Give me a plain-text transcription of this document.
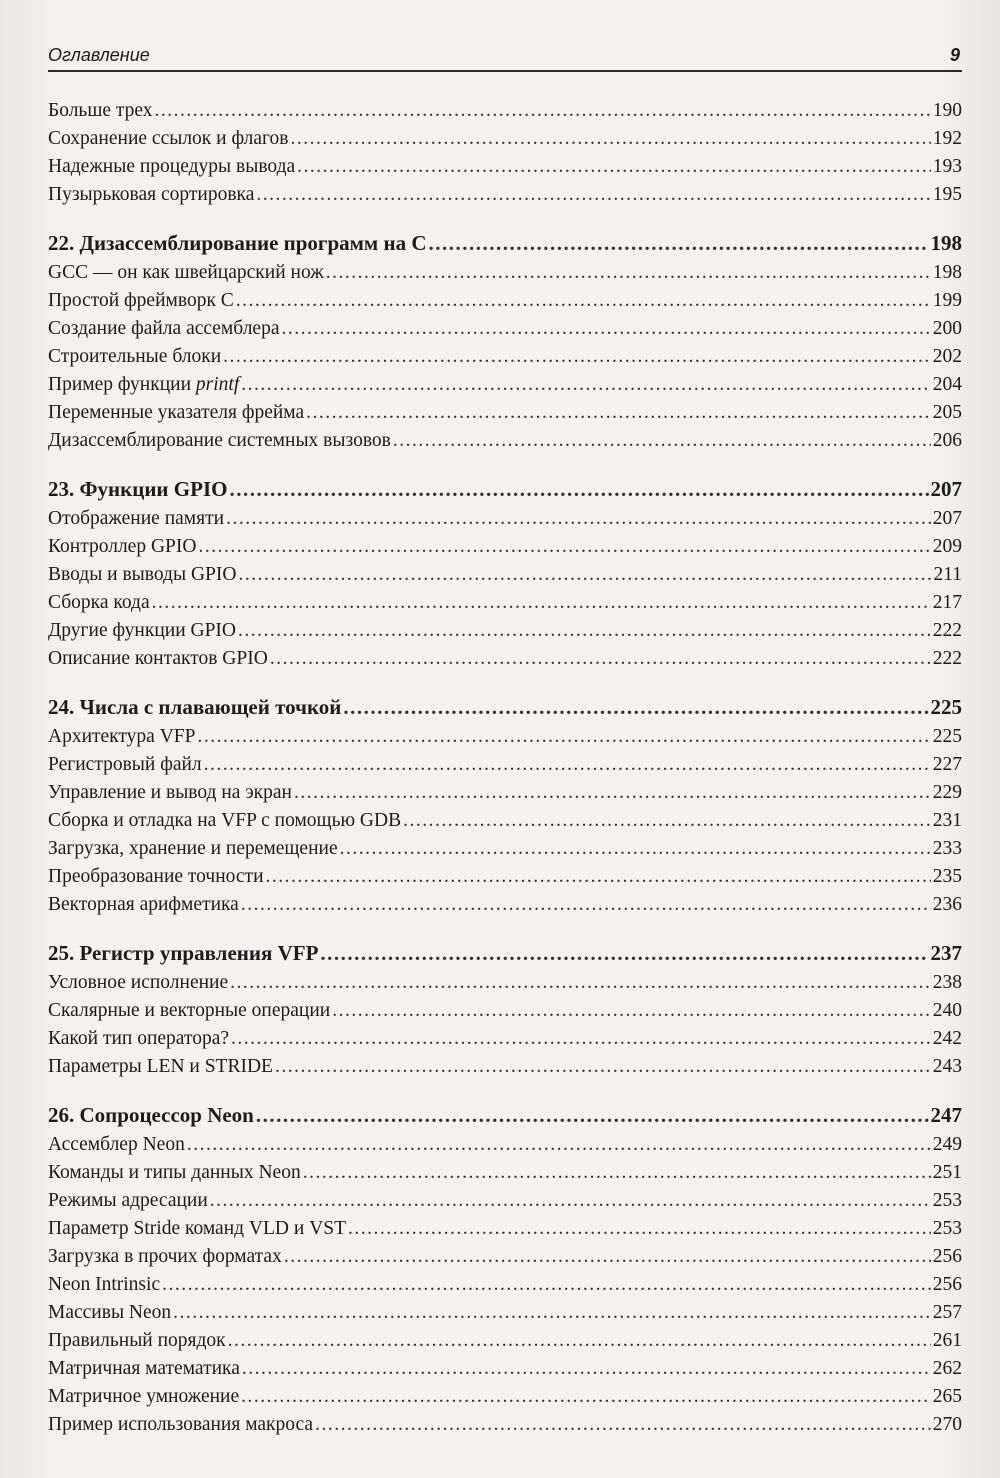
Оглавление	9
Больше трех .....	190
Сохранение ссылок и флагов .....	192
Надежные процедуры вывода .....	193
Пузырьковая сортировка .....	195
22. Дизассемблирование программ на С .....	198
GCC — он как швейцарский нож .....	198
Простой фреймворк С .....	199
Создание файла ассемблера .....	200
Строительные блоки .....	202
Пример функции printf .....	204
Переменные указателя фрейма .....	205
Дизассемблирование системных вызовов .....	206
23. Функции GPIO .....	207
Отображение памяти .....	207
Контроллер GPIO .....	209
Вводы и выводы GPIO .....	211
Сборка кода .....	217
Другие функции GPIO .....	222
Описание контактов GPIO .....	222
24. Числа с плавающей точкой .....	225
Архитектура VFP .....	225
Регистровый файл .....	227
Управление и вывод на экран .....	229
Сборка и отладка на VFP с помощью GDB .....	231
Загрузка, хранение и перемещение .....	233
Преобразование точности .....	235
Векторная арифметика .....	236
25. Регистр управления VFP .....	237
Условное исполнение .....	238
Скалярные и векторные операции .....	240
Какой тип оператора? .....	242
Параметры LEN и STRIDE .....	243
26. Сопроцессор Neon .....	247
Ассемблер Neon .....	249
Команды и типы данных Neon .....	251
Режимы адресации .....	253
Параметр Stride команд VLD и VST .....	253
Загрузка в прочих форматах .....	256
Neon Intrinsic .....	256
Массивы Neon .....	257
Правильный порядок .....	261
Матричная математика .....	262
Матричное умножение .....	265
Пример использования макроса .....	270
